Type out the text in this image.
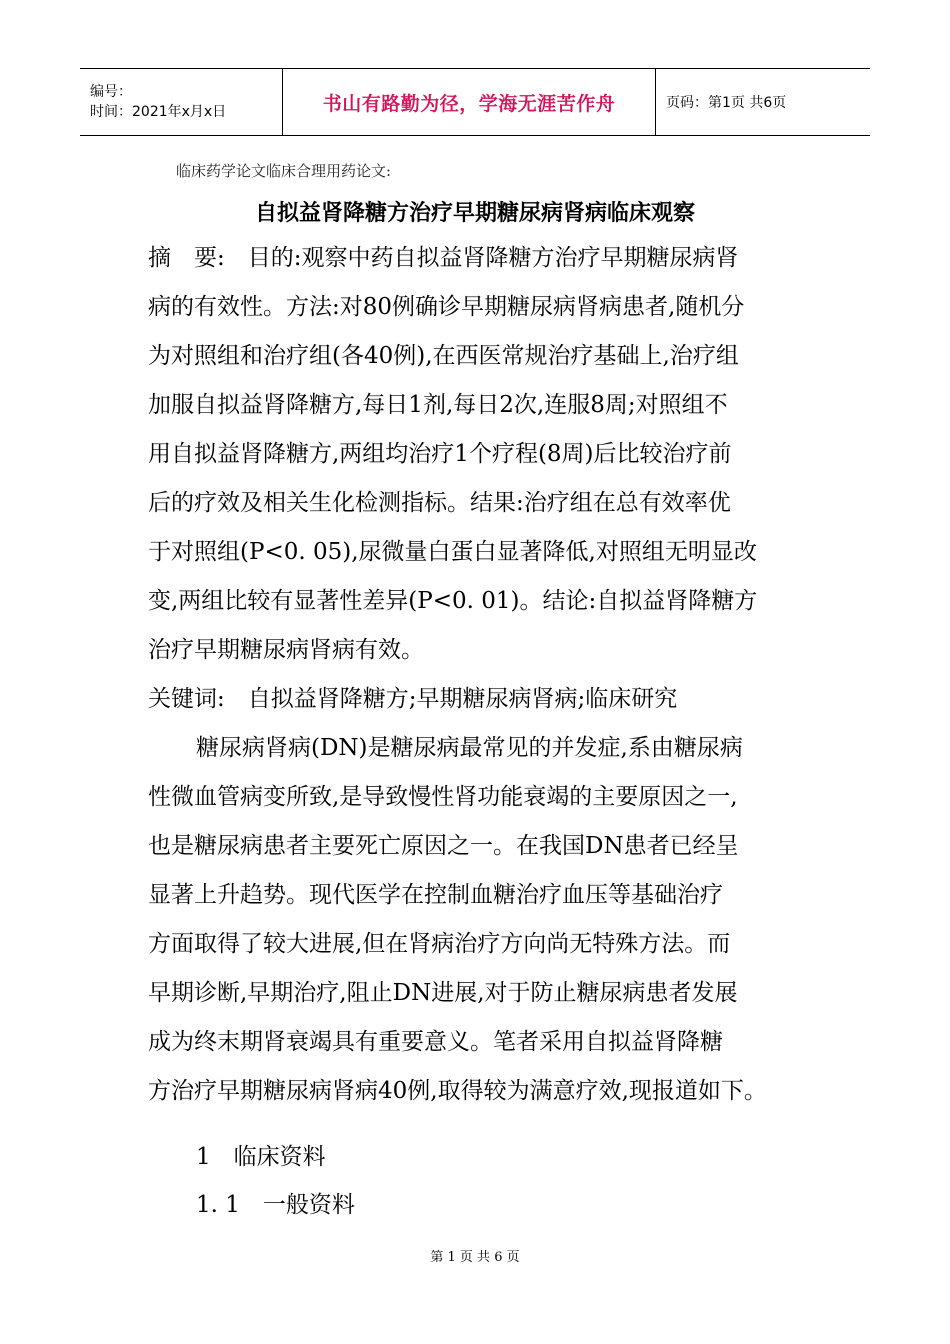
编号：
时间：2021年x月x日	书山有路勤为径，学海无涯苦作舟	页码：第1页 共6页
临床药学论文临床合理用药论文:
自拟益肾降糖方治疗早期糖尿病肾病临床观察
摘　要:　目的:观察中药自拟益肾降糖方治疗早期糖尿病肾
病的有效性。方法:对80例确诊早期糖尿病肾病患者,随机分
为对照组和治疗组(各40例),在西医常规治疗基础上,治疗组
加服自拟益肾降糖方,每日1剂,每日2次,连服8周;对照组不
用自拟益肾降糖方,两组均治疗1个疗程(8周)后比较治疗前
后的疗效及相关生化检测指标。结果:治疗组在总有效率优
于对照组(P<0. 05),尿微量白蛋白显著降低,对照组无明显改
变,两组比较有显著性差异(P<0. 01)。结论:自拟益肾降糖方
治疗早期糖尿病肾病有效。
关键词:　自拟益肾降糖方;早期糖尿病肾病;临床研究
糖尿病肾病(DN)是糖尿病最常见的并发症,系由糖尿病
性微血管病变所致,是导致慢性肾功能衰竭的主要原因之一,
也是糖尿病患者主要死亡原因之一。在我国DN患者已经呈
显著上升趋势。现代医学在控制血糖治疗血压等基础治疗
方面取得了较大进展,但在肾病治疗方向尚无特殊方法。而
早期诊断,早期治疗,阻止DN进展,对于防止糖尿病患者发展
成为终末期肾衰竭具有重要意义。笔者采用自拟益肾降糖
方治疗早期糖尿病肾病40例,取得较为满意疗效,现报道如下。
1　临床资料
1. 1　一般资料
第 1 页 共 6 页
